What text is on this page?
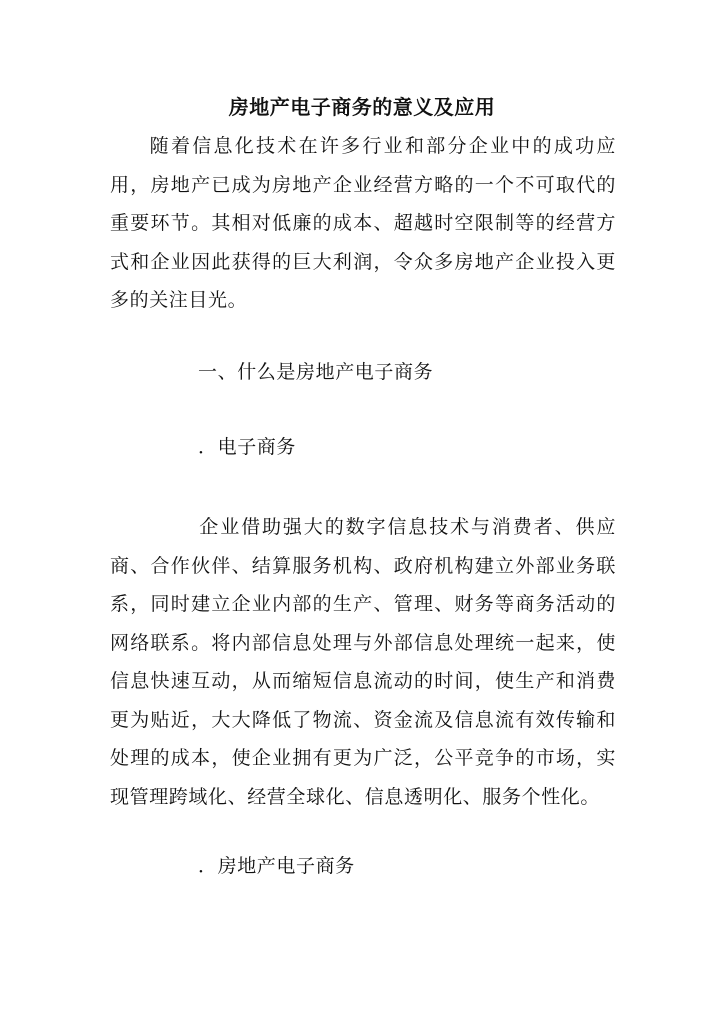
房地产电子商务的意义及应用

随着信息化技术在许多行业和部分企业中的成功应用，房地产已成为房地产企业经营方略的一个不可取代的重要环节。其相对低廉的成本、超越时空限制等的经营方式和企业因此获得的巨大利润，令众多房地产企业投入更多的关注目光。

一、什么是房地产电子商务
．电子商务

企业借助强大的数字信息技术与消费者、供应商、合作伙伴、结算服务机构、政府机构建立外部业务联系，同时建立企业内部的生产、管理、财务等商务活动的网络联系。将内部信息处理与外部信息处理统一起来，使信息快速互动，从而缩短信息流动的时间，使生产和消费更为贴近，大大降低了物流、资金流及信息流有效传输和处理的成本，使企业拥有更为广泛，公平竞争的市场，实现管理跨域化、经营全球化、信息透明化、服务个性化。

．房地产电子商务
